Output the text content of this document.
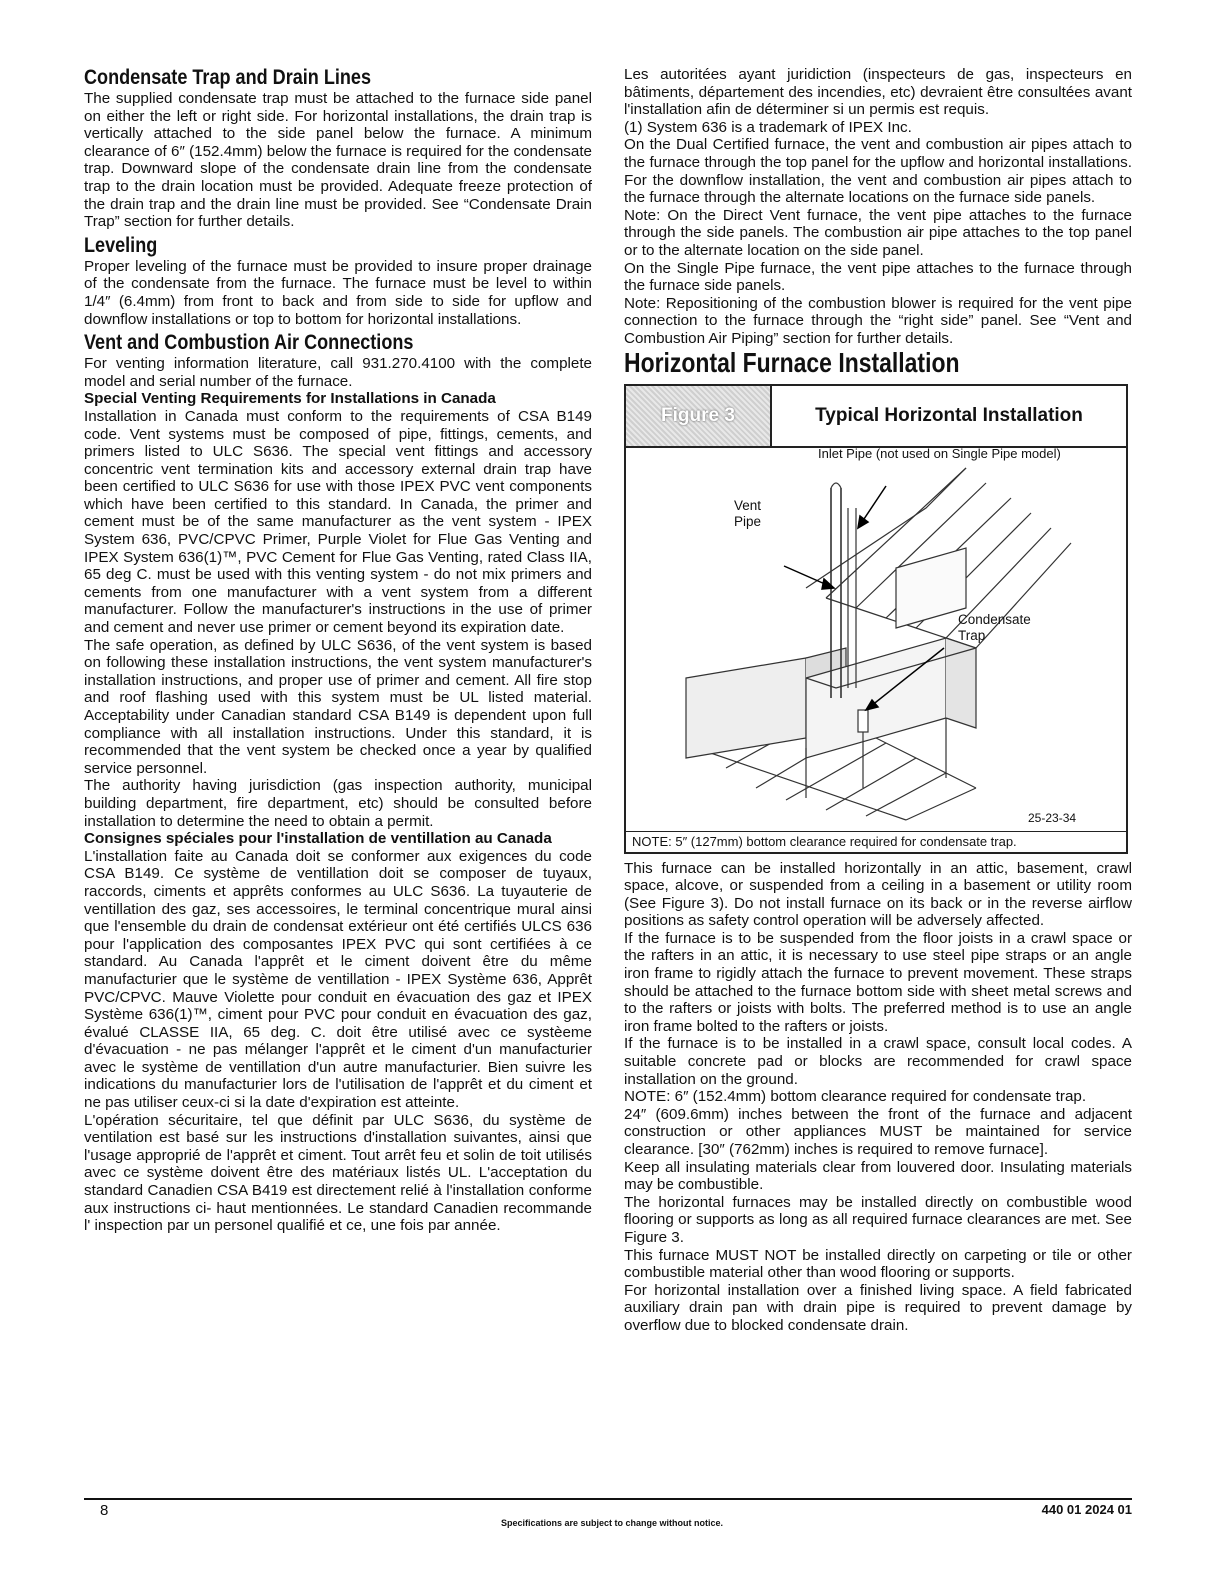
Condensate Trap and Drain Lines

The supplied condensate trap must be attached to the furnace side panel on either the left or right side. For horizontal installations, the drain trap is vertically attached to the side panel below the furnace. A minimum clearance of 6″ (152.4mm) below the furnace is required for the condensate trap. Downward slope of the condensate drain line from the condensate trap to the drain location must be provided. Adequate freeze protection of the drain trap and the drain line must be provided. See “Condensate Drain Trap” section for further details.

Leveling

Proper leveling of the furnace must be provided to insure proper drainage of the condensate from the furnace. The furnace must be level to within 1/4″ (6.4mm) from front to back and from side to side for upflow and downflow installations or top to bottom for horizontal installations.

Vent and Combustion Air Connections

For venting information literature, call 931.270.4100 with the complete model and serial number of the furnace.

Special Venting Requirements for Installations in Canada

Installation in Canada must conform to the requirements of CSA B149 code. Vent systems must be composed of pipe, fittings, cements, and primers listed to ULC S636. The special vent fittings and accessory concentric vent termination kits and accessory external drain trap have been certified to ULC S636 for use with those IPEX PVC vent components which have been certified to this standard. In Canada, the primer and cement must be of the same manufacturer as the vent system - IPEX System 636, PVC/CPVC Primer, Purple Violet for Flue Gas Venting and IPEX System 636(1)™, PVC Cement for Flue Gas Venting, rated Class IIA, 65 deg C. must be used with this venting system - do not mix primers and cements from one manufacturer with a vent system from a different manufacturer. Follow the manufacturer's instructions in the use of primer and cement and never use primer or cement beyond its expiration date.

The safe operation, as defined by ULC S636, of the vent system is based on following these installation instructions, the vent system manufacturer's installation instructions, and proper use of primer and cement. All fire stop and roof flashing used with this system must be UL listed material. Acceptability under Canadian standard CSA B149 is dependent upon full compliance with all installation instructions. Under this standard, it is recommended that the vent system be checked once a year by qualified service personnel.

The authority having jurisdiction (gas inspection authority, municipal building department, fire department, etc) should be consulted before installation to determine the need to obtain a permit.

Consignes spéciales pour l'installation de ventillation au Canada

L'installation faite au Canada doit se conformer aux exigences du code CSA B149. Ce système de ventillation doit se composer de tuyaux, raccords, ciments et apprêts conformes au ULC S636. La tuyauterie de ventillation des gaz, ses accessoires, le terminal concentrique mural ainsi que l'ensemble du drain de condensat extérieur ont été certifiés ULCS 636 pour l'application des composantes IPEX PVC qui sont certifiées à ce standard. Au Canada l'apprêt et le ciment doivent être du même manufacturier que le système de ventillation - IPEX Système 636, Apprêt PVC/CPVC. Mauve Violette pour conduit en évacuation des gaz et IPEX Système 636(1)™, ciment pour PVC pour conduit en évacuation des gaz, évalué CLASSE IIA, 65 deg. C. doit être utilisé avec ce systèeme d'évacuation - ne pas mélanger l'apprêt et le ciment d'un manufacturier avec le système de ventillation d'un autre manufacturier. Bien suivre les indications du manufacturier lors de l'utilisation de l'apprêt et du ciment et ne pas utiliser ceux-ci si la date d'expiration est atteinte.

L'opération sécuritaire, tel que définit par ULC S636, du système de ventilation est basé sur les instructions d'installation suivantes, ainsi que l'usage approprié de l'apprêt et ciment. Tout arrêt feu et solin de toit utilisés avec ce système doivent être des matériaux listés UL. L'acceptation du standard Canadien CSA B419 est directement relié à l'installation conforme aux instructions ci- haut mentionnées. Le standard Canadien recommande l' inspection par un personel qualifié et ce, une fois par année.

Les autoritées ayant juridiction (inspecteurs de gas, inspecteurs en bâtiments, département des incendies, etc) devraient être consultées avant l'installation afin de déterminer si un permis est requis.

(1) System 636 is a trademark of IPEX Inc.

On the Dual Certified furnace, the vent and combustion air pipes attach to the furnace through the top panel for the upflow and horizontal installations. For the downflow installation, the vent and combustion air pipes attach to the furnace through the alternate locations on the furnace side panels.

Note: On the Direct Vent furnace, the vent pipe attaches to the furnace through the side panels. The combustion air pipe attaches to the top panel or to the alternate location on the side panel.

On the Single Pipe furnace, the vent pipe attaches to the furnace through the furnace side panels.

Note: Repositioning of the combustion blower is required for the vent pipe connection to the furnace through the “right side” panel. See “Vent and Combustion Air Piping” section for further details.

Horizontal Furnace Installation
Figure 3	Typical Horizontal Installation
Inlet Pipe (not used on Single Pipe model)
Vent Pipe
Condensate Trap
25-23-34
NOTE: 5″ (127mm) bottom clearance required for condensate trap.

This furnace can be installed horizontally in an attic, basement, crawl space, alcove, or suspended from a ceiling in a basement or utility room (See Figure 3). Do not install furnace on its back or in the reverse airflow positions as safety control operation will be adversely affected.

If the furnace is to be suspended from the floor joists in a crawl space or the rafters in an attic, it is necessary to use steel pipe straps or an angle iron frame to rigidly attach the furnace to prevent movement. These straps should be attached to the furnace bottom side with sheet metal screws and to the rafters or joists with bolts. The preferred method is to use an angle iron frame bolted to the rafters or joists.

If the furnace is to be installed in a crawl space, consult local codes. A suitable concrete pad or blocks are recommended for crawl space installation on the ground.

NOTE: 6″ (152.4mm) bottom clearance required for condensate trap.

24″ (609.6mm) inches between the front of the furnace and adjacent construction or other appliances MUST be maintained for service clearance. [30″ (762mm) inches is required to remove furnace].

Keep all insulating materials clear from louvered door. Insulating materials may be combustible.

The horizontal furnaces may be installed directly on combustible wood flooring or supports as long as all required furnace clearances are met. See Figure 3.

This furnace MUST NOT be installed directly on carpeting or tile or other combustible material other than wood flooring or supports.

For horizontal installation over a finished living space. A field fabricated auxiliary drain pan with drain pipe is required to prevent damage by overflow due to blocked condensate drain.

8
Specifications are subject to change without notice.
440 01 2024 01
